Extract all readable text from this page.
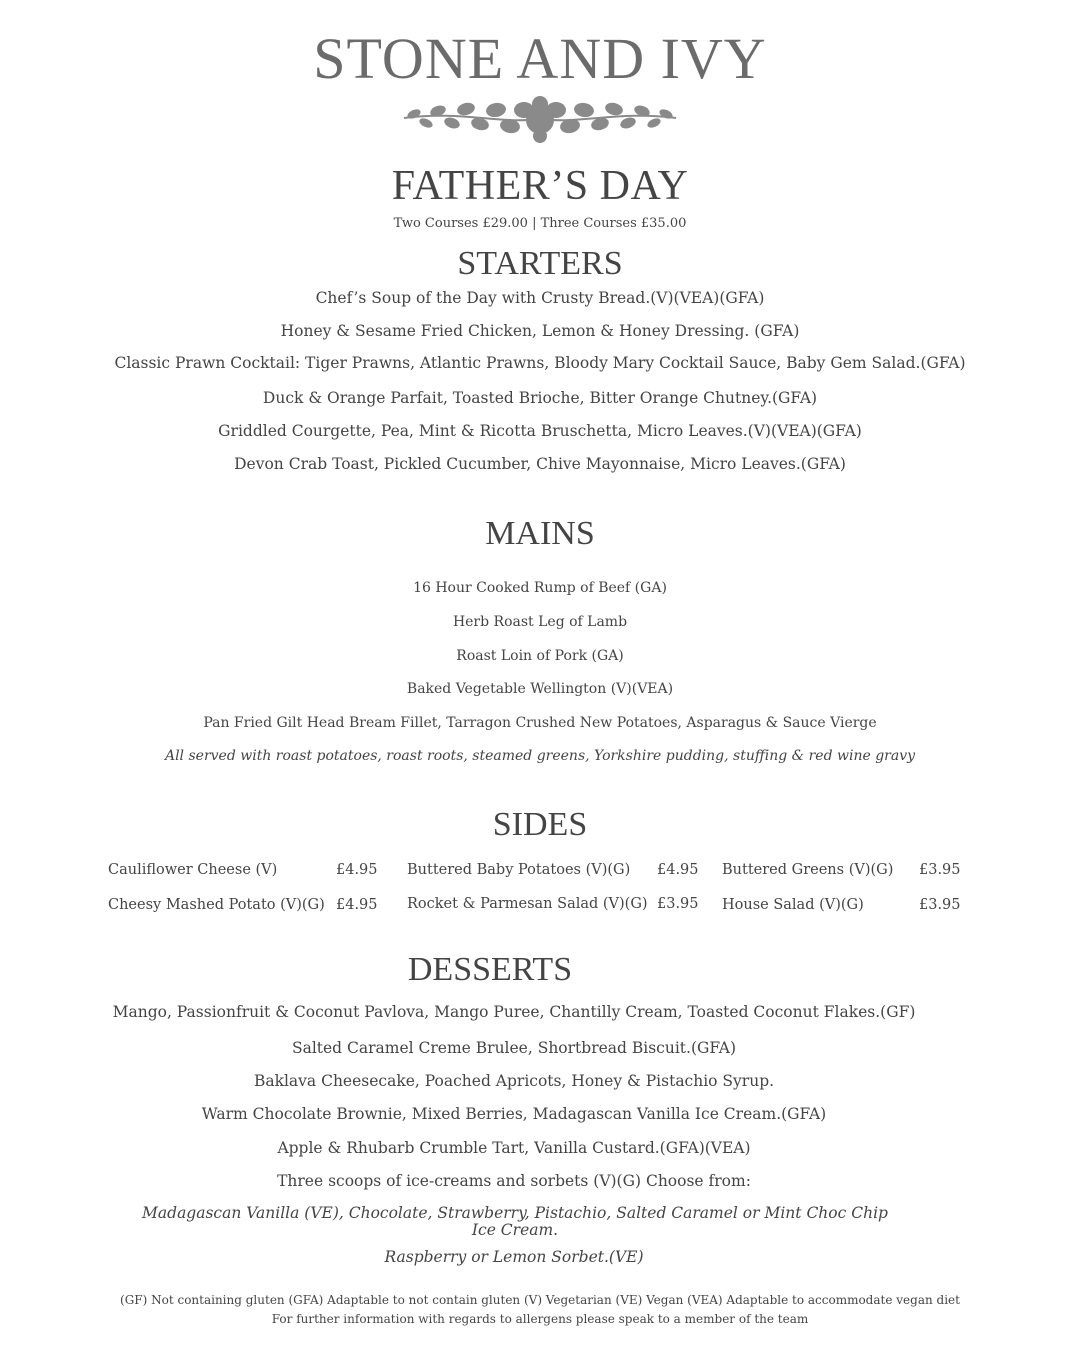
STONE AND IVY
FATHER’S DAY
Two Courses £29.00 | Three Courses £35.00
STARTERS
Chef’s Soup of the Day with Crusty Bread.(V)(VEA)(GFA)
Honey & Sesame Fried Chicken, Lemon & Honey Dressing. (GFA)
Classic Prawn Cocktail: Tiger Prawns, Atlantic Prawns, Bloody Mary Cocktail Sauce, Baby Gem Salad.(GFA)
Duck & Orange Parfait, Toasted Brioche, Bitter Orange Chutney.(GFA)
Griddled Courgette, Pea, Mint & Ricotta Bruschetta, Micro Leaves.(V)(VEA)(GFA)
Devon Crab Toast, Pickled Cucumber, Chive Mayonnaise, Micro Leaves.(GFA)
MAINS
16 Hour Cooked Rump of Beef (GA)
Herb Roast Leg of Lamb
Roast Loin of Pork (GA)
Baked Vegetable Wellington (V)(VEA)
Pan Fried Gilt Head Bream Fillet, Tarragon Crushed New Potatoes, Asparagus & Sauce Vierge
All served with roast potatoes, roast roots, steamed greens, Yorkshire pudding, stuffing & red wine gravy
SIDES
Cauliflower Cheese (V)	£4.95 Buttered Baby Potatoes (V)(G) £4.95 Buttered Greens (V)(G) £3.95
Cheesy Mashed Potato (V)(G) £4.95 Rocket & Parmesan Salad (V)(G) £3.95 House Salad (V)(G)	£3.95
DESSERTS
Mango, Passionfruit & Coconut Pavlova, Mango Puree, Chantilly Cream, Toasted Coconut Flakes.(GF)
Salted Caramel Creme Brulee, Shortbread Biscuit.(GFA)
Baklava Cheesecake, Poached Apricots, Honey & Pistachio Syrup.
Warm Chocolate Brownie, Mixed Berries, Madagascan Vanilla Ice Cream.(GFA)
Apple & Rhubarb Crumble Tart, Vanilla Custard.(GFA)(VEA)
Three scoops of ice-creams and sorbets (V)(G) Choose from:
Madagascan Vanilla (VE), Chocolate, Strawberry, Pistachio, Salted Caramel or Mint Choc Chip Ice Cream.
Raspberry or Lemon Sorbet.(VE)
(GF) Not containing gluten (GFA) Adaptable to not contain gluten (V) Vegetarian (VE) Vegan (VEA) Adaptable to accommodate vegan diet
For further information with regards to allergens please speak to a member of the team
